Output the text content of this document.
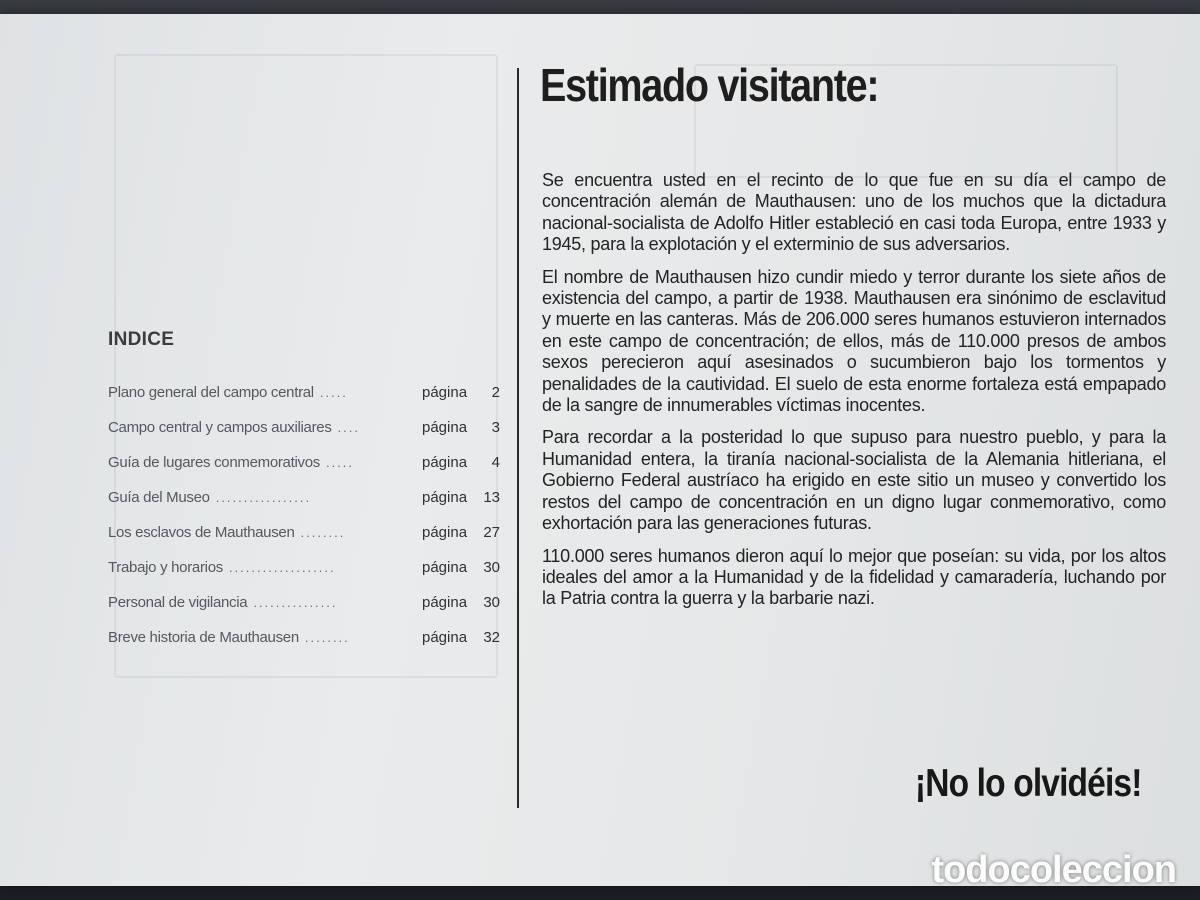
INDICE
Plano general del campo central .....	página 2
Campo central y campos auxiliares ....	página 3
Guía de lugares conmemorativos .....	página 4
Guía del Museo .................	página 13
Los esclavos de Mauthausen ........	página 27
Trabajo y horarios ...................	página 30
Personal de vigilancia ...............	página 30
Breve historia de Mauthausen ........	página 32
Estimado visitante:

Se encuentra usted en el recinto de lo que fue en su día el campo de concentración alemán de Mauthausen: uno de los muchos que la dictadura nacional-socialista de Adolfo Hitler estableció en casi toda Europa, entre 1933 y 1945, para la explotación y el exterminio de sus adversarios.

El nombre de Mauthausen hizo cundir miedo y terror durante los siete años de existencia del campo, a partir de 1938. Mauthausen era sinónimo de esclavitud y muerte en las canteras. Más de 206.000 seres humanos estuvieron internados en este campo de concentración; de ellos, más de 110.000 presos de ambos sexos perecieron aquí asesinados o sucumbieron bajo los tormentos y penalidades de la cautividad. El suelo de esta enorme fortaleza está empapado de la sangre de innumerables víctimas inocentes.

Para recordar a la posteridad lo que supuso para nuestro pueblo, y para la Humanidad entera, la tiranía nacional-socialista de la Alemania hitleriana, el Gobierno Federal austríaco ha erigido en este sitio un museo y convertido los restos del campo de concentración en un digno lugar conmemorativo, como exhortación para las generaciones futuras.

110.000 seres humanos dieron aquí lo mejor que poseían: su vida, por los altos ideales del amor a la Humanidad y de la fidelidad y camaradería, luchando por la Patria contra la guerra y la barbarie nazi.

¡No lo olvidéis!
todocoleccion
